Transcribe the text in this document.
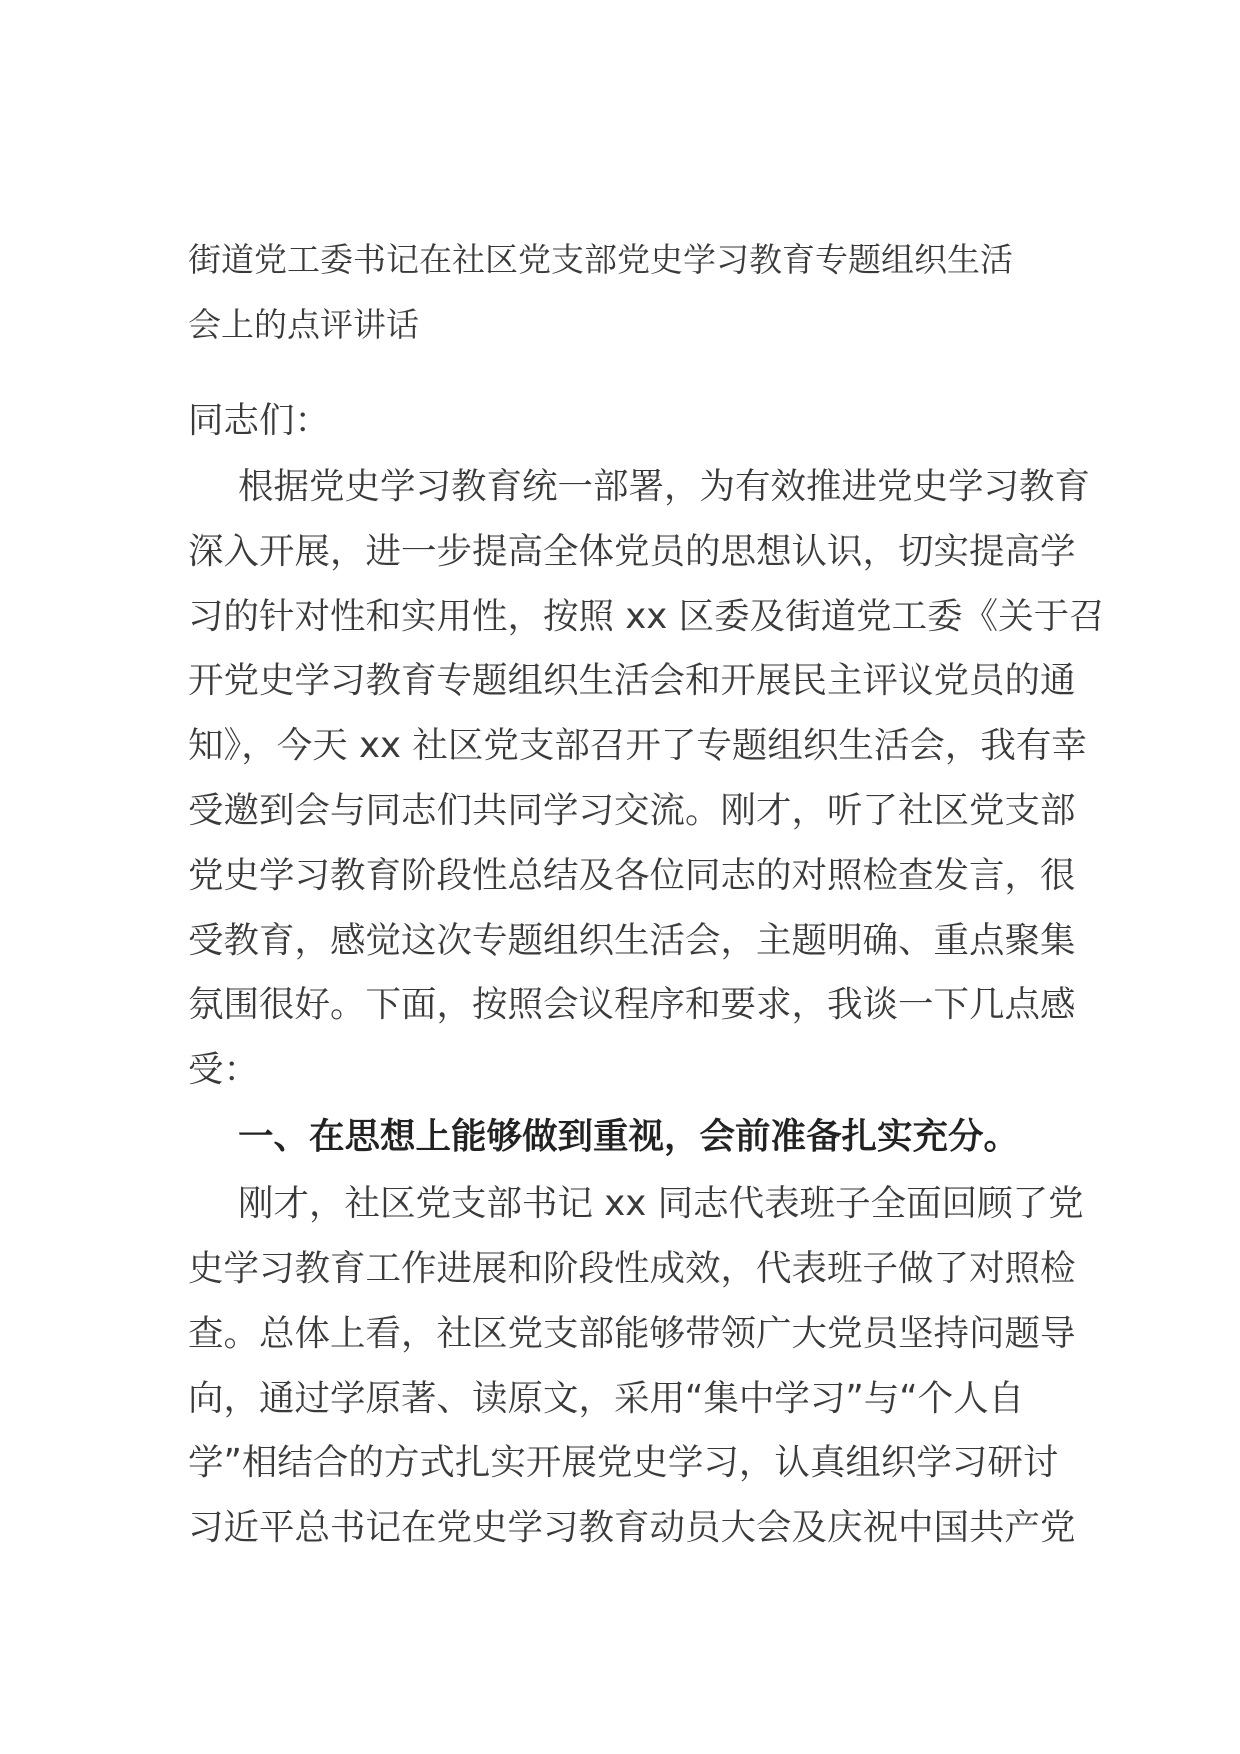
街道党工委书记在社区党支部党史学习教育专题组织生活
会上的点评讲话
同志们：
根据党史学习教育统一部署，为有效推进党史学习教育
深入开展，进一步提高全体党员的思想认识，切实提高学
习的针对性和实用性，按照 xx 区委及街道党工委《关于召
开党史学习教育专题组织生活会和开展民主评议党员的通
知》，今天 xx 社区党支部召开了专题组织生活会，我有幸
受邀到会与同志们共同学习交流。刚才，听了社区党支部
党史学习教育阶段性总结及各位同志的对照检查发言，很
受教育，感觉这次专题组织生活会，主题明确、重点聚集
氛围很好。下面，按照会议程序和要求，我谈一下几点感
受：
一、在思想上能够做到重视，会前准备扎实充分。
刚才，社区党支部书记 xx 同志代表班子全面回顾了党
史学习教育工作进展和阶段性成效，代表班子做了对照检
查。总体上看，社区党支部能够带领广大党员坚持问题导
向，通过学原著、读原文，采用“集中学习”与“个人自
学”相结合的方式扎实开展党史学习，认真组织学习研讨
习近平总书记在党史学习教育动员大会及庆祝中国共产党
